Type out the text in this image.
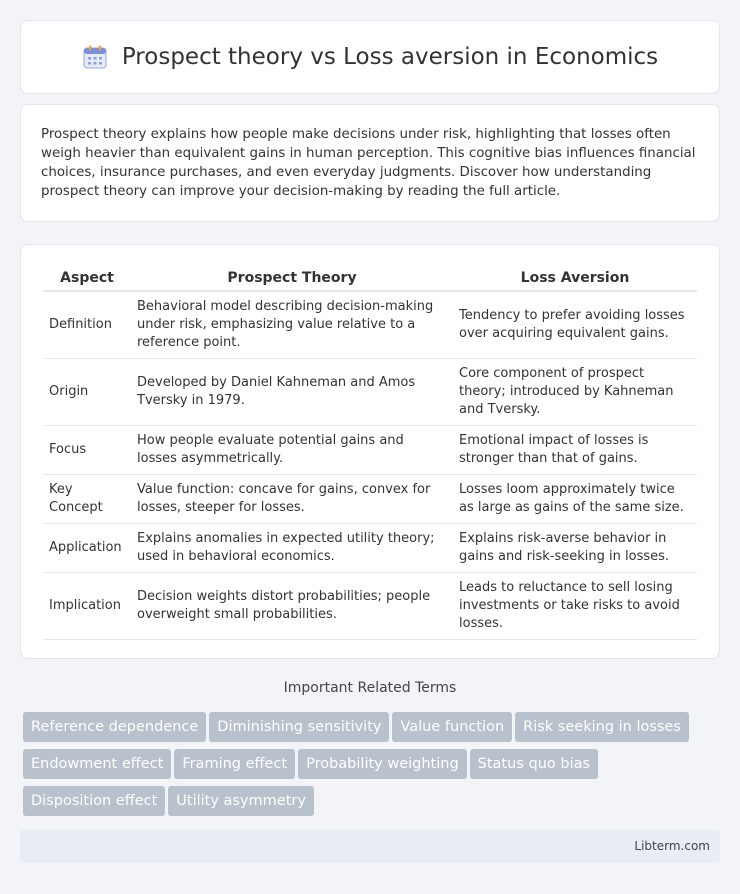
Prospect theory vs Loss aversion in Economics

Prospect theory explains how people make decisions under risk, highlighting that losses often weigh heavier than equivalent gains in human perception. This cognitive bias influences financial choices, insurance purchases, and even everyday judgments. Discover how understanding prospect theory can improve your decision-making by reading the full article.

Aspect	Prospect Theory	Loss Aversion
Definition	Behavioral model describing decision-making under risk, emphasizing value relative to a reference point.	Tendency to prefer avoiding losses over acquiring equivalent gains.
Origin	Developed by Daniel Kahneman and Amos Tversky in 1979.	Core component of prospect theory; introduced by Kahneman and Tversky.
Focus	How people evaluate potential gains and losses asymmetrically.	Emotional impact of losses is stronger than that of gains.
Key Concept	Value function: concave for gains, convex for losses, steeper for losses.	Losses loom approximately twice as large as gains of the same size.
Application	Explains anomalies in expected utility theory; used in behavioral economics.	Explains risk-averse behavior in gains and risk-seeking in losses.
Implication	Decision weights distort probabilities; people overweight small probabilities.	Leads to reluctance to sell losing investments or take risks to avoid losses.
Important Related Terms
Reference dependence Diminishing sensitivity Value function Risk seeking in losses
Endowment effect Framing effect Probability weighting Status quo bias
Disposition effect Utility asymmetry
Libterm.com
